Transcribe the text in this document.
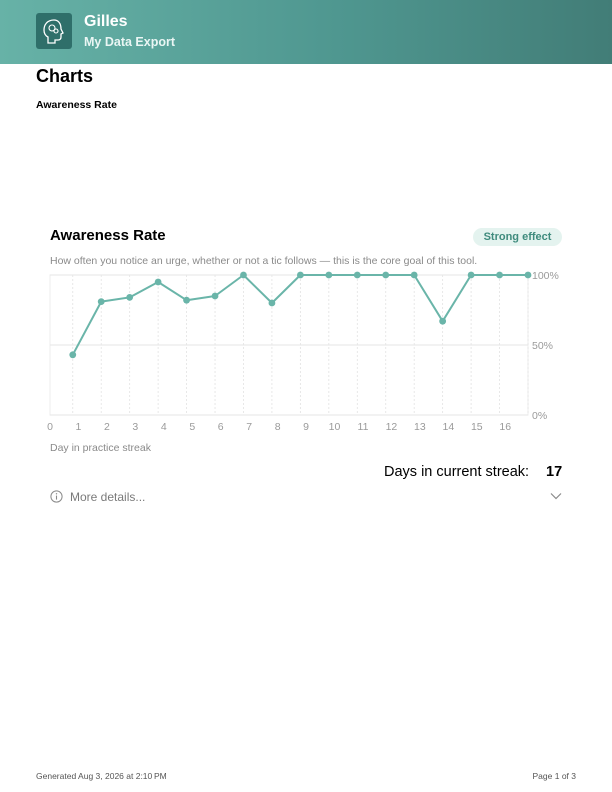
Gilles
My Data Export
Charts
Awareness Rate
Awareness Rate	Strong effect
How often you notice an urge, whether or not a tic follows — this is the core goal of this tool.
0%
50%
100%
0 1 2 3 4 5 6 7 8 9 10 11 12 13 14 15 16
Day in practice streak
Days in current streak: 17
More details...
Generated Aug 3, 2026 at 2:10 PM	Page 1 of 3
